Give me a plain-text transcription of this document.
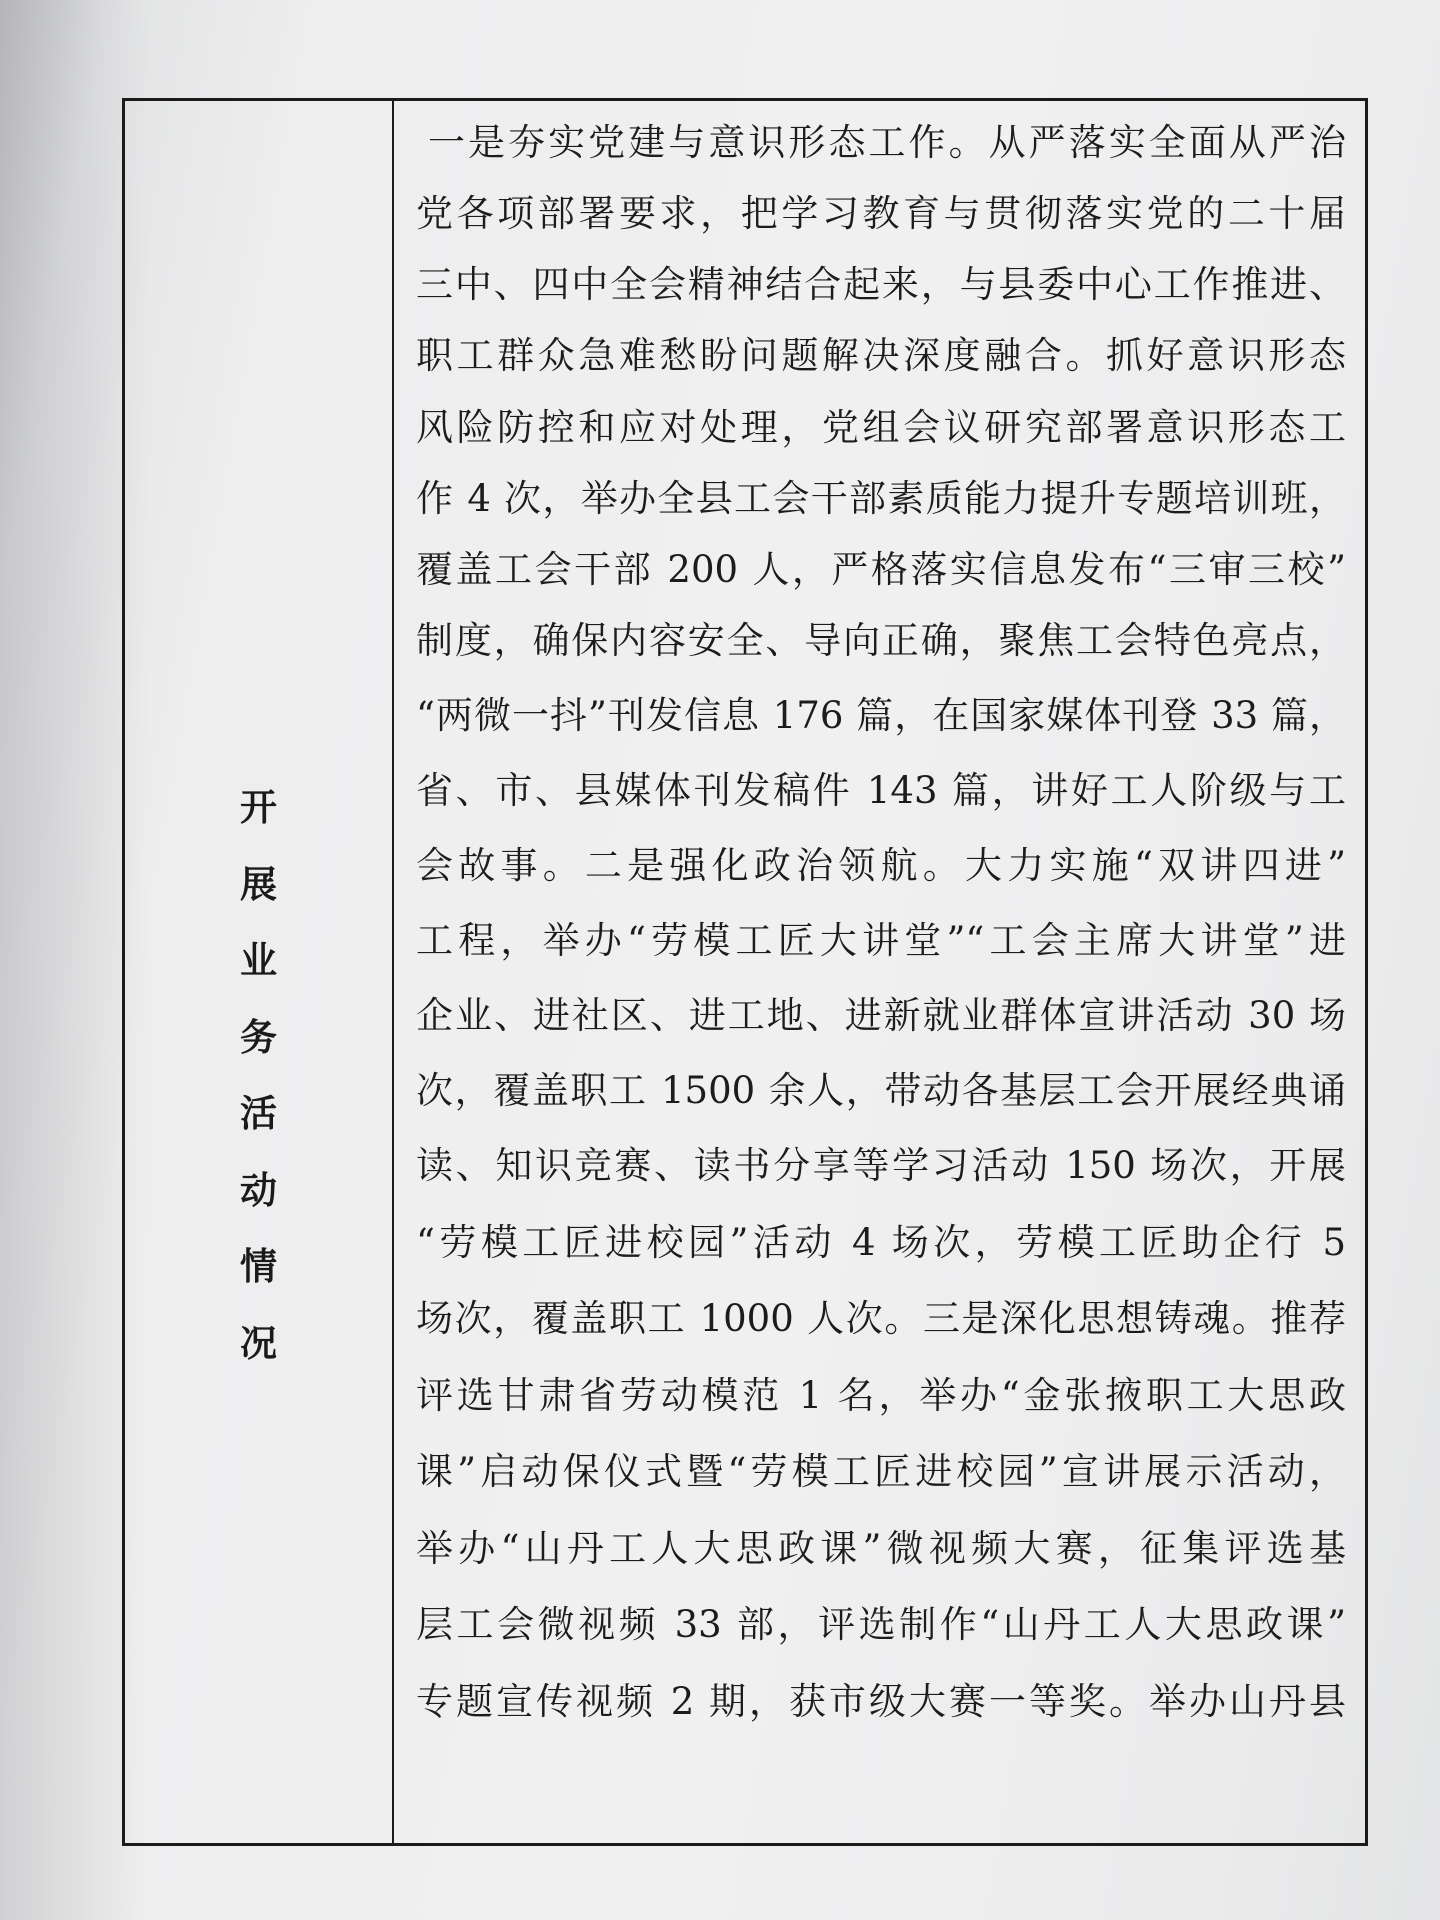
开
展
业
务
活
动
情
况
一是夯实党建与意识形态工作。从严落实全面从严治
党各项部署要求，把学习教育与贯彻落实党的二十届
三中、四中全会精神结合起来，与县委中心工作推进、
职工群众急难愁盼问题解决深度融合。抓好意识形态
风险防控和应对处理，党组会议研究部署意识形态工
作 4 次，举办全县工会干部素质能力提升专题培训班，
覆盖工会干部 200 人，严格落实信息发布“三审三校”
制度，确保内容安全、导向正确，聚焦工会特色亮点，
“两微一抖”刊发信息 176 篇，在国家媒体刊登 33 篇，
省、市、县媒体刊发稿件 143 篇，讲好工人阶级与工
会故事。二是强化政治领航。大力实施“双讲四进”
工程，举办“劳模工匠大讲堂”“工会主席大讲堂”进
企业、进社区、进工地、进新就业群体宣讲活动 30 场
次，覆盖职工 1500 余人，带动各基层工会开展经典诵
读、知识竞赛、读书分享等学习活动 150 场次，开展
“劳模工匠进校园”活动 4 场次，劳模工匠助企行 5
场次，覆盖职工 1000 人次。三是深化思想铸魂。推荐
评选甘肃省劳动模范 1 名，举办“金张掖职工大思政
课”启动保仪式暨“劳模工匠进校园”宣讲展示活动，
举办“山丹工人大思政课”微视频大赛，征集评选基
层工会微视频 33 部，评选制作“山丹工人大思政课”
专题宣传视频 2 期，获市级大赛一等奖。举办山丹县
